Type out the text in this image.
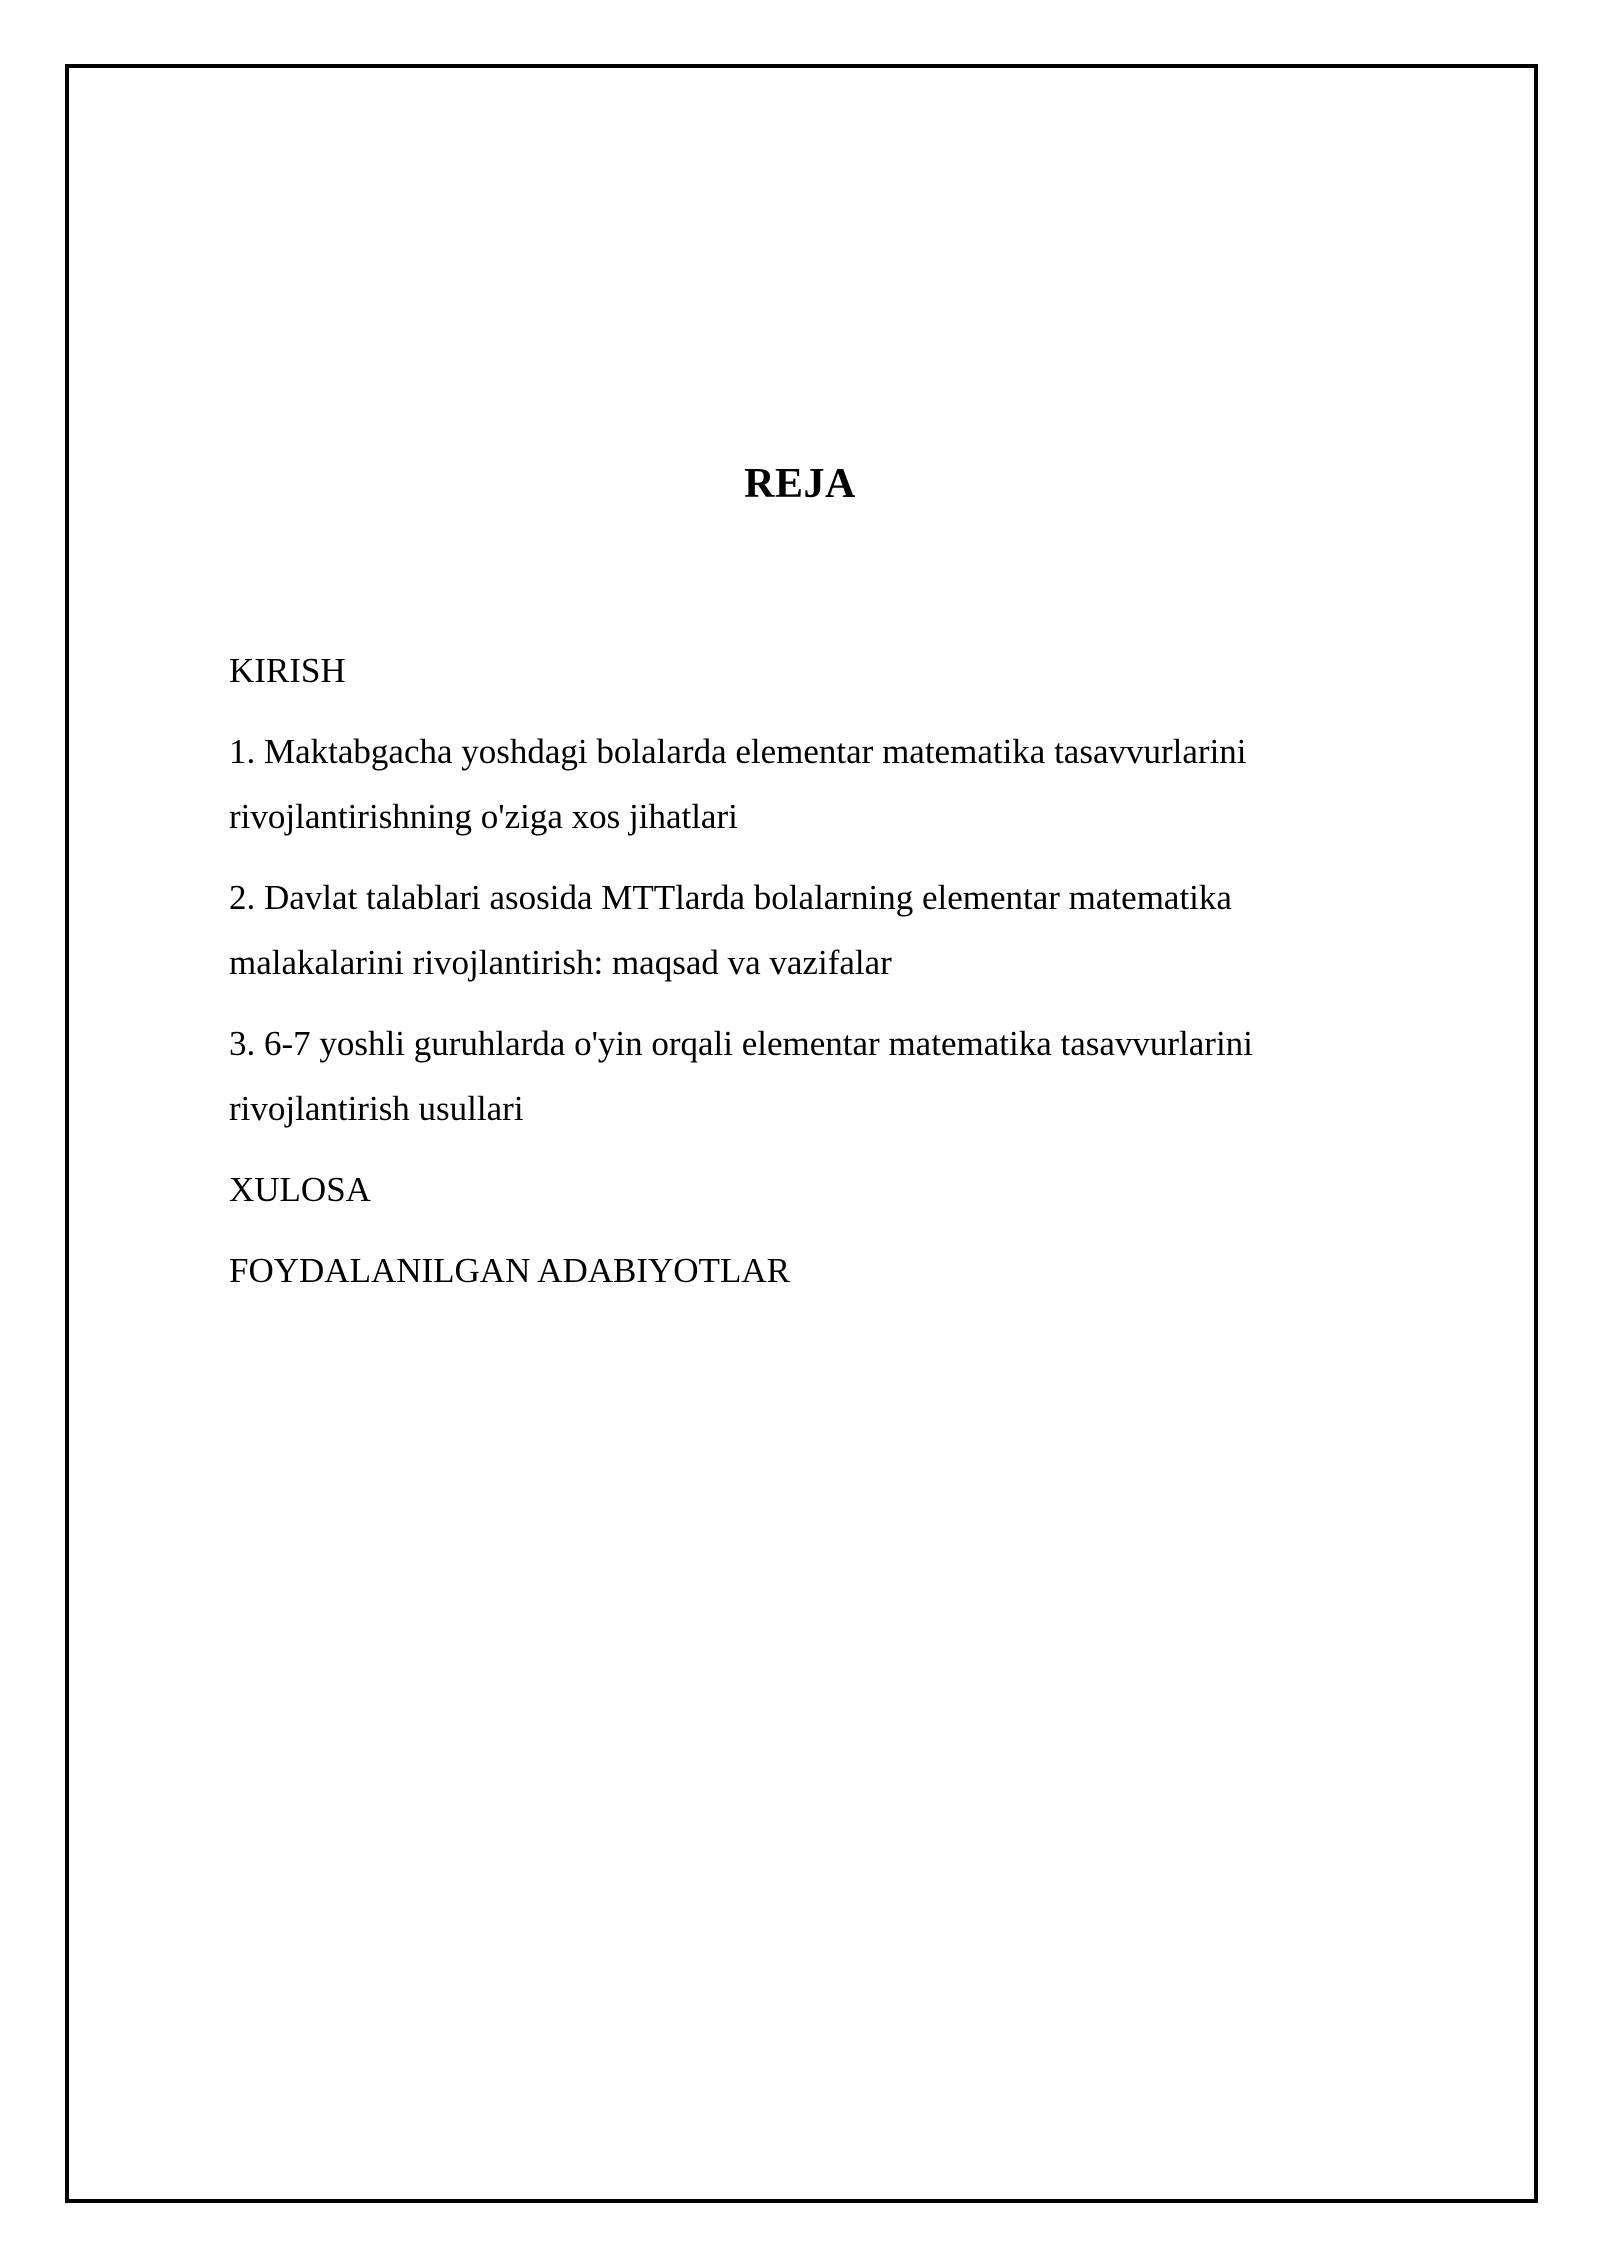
REJA
KIRISH
1. Maktabgacha yoshdagi bolalarda elementar matematika tasavvurlarini rivojlantirishning o'ziga xos jihatlari
2. Davlat talablari asosida MTTlarda bolalarning elementar matematika malakalarini rivojlantirish: maqsad va vazifalar
3. 6-7 yoshli guruhlarda o'yin orqali elementar matematika tasavvurlarini rivojlantirish usullari
XULOSA
FOYDALANILGAN ADABIYOTLAR
